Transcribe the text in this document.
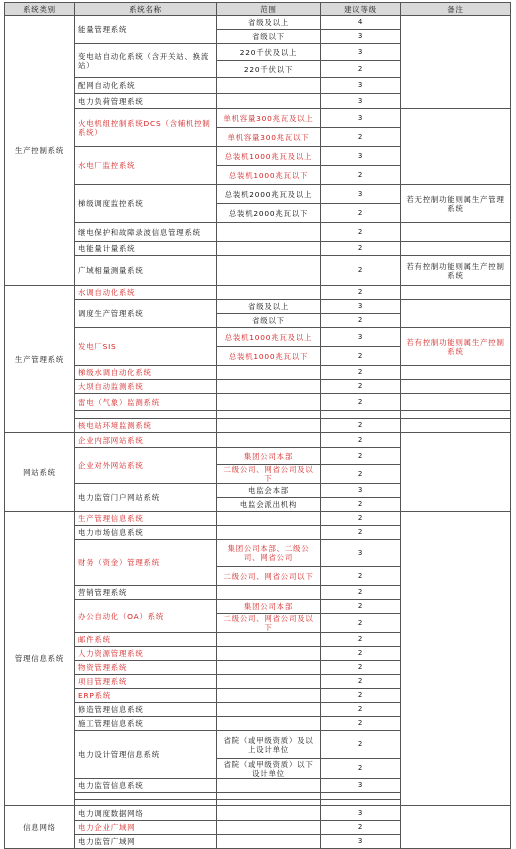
系统类别	系统名称	范围	建议等级	备注
生产控制系统	能量管理系统	省级及以上	4	
		省级以下	3	
	变电站自动化系统（含开关站、换流站）	220千伏及以上	3	
		220千伏以下	2	
	配网自动化系统		3	
	电力负荷管理系统		3	
	火电机组控制系统DCS（含辅机控制系统）	单机容量300兆瓦及以上	3	
		单机容量300兆瓦以下	2	
	水电厂监控系统	总装机1000兆瓦及以上	3	
		总装机1000兆瓦以下	2	
	梯级调度监控系统	总装机2000兆瓦及以上	3	若无控制功能则属生产管理系统
		总装机2000兆瓦以下	2	
	继电保护和故障录波信息管理系统		2	
	电能量计量系统		2	
	广域相量测量系统		2	若有控制功能则属生产控制系统
生产管理系统	水调自动化系统		2	
	调度生产管理系统	省级及以上	3	
		省级以下	2	
	发电厂SIS	总装机1000兆瓦及以上	3	若有控制功能则属生产控制系统
		总装机1000兆瓦以下	2	
	梯级水调自动化系统		2	
	大坝自动监测系统		2	
	雷电（气象）监测系统		2	

	核电站环境监测系统		2	
网站系统	企业内部网站系统		2	
	企业对外网站系统	集团公司本部	2	
		二级公司、网省公司及以下	2	
	电力监管门户网站系统	电监会本部	3	
		电监会派出机构	2	
管理信息系统	生产管理信息系统		2	
	电力市场信息系统		2	
	财务（资金）管理系统	集团公司本部、二级公司、网省公司	3	
		二级公司、网省公司以下	2	
	营销管理系统		2	
	办公自动化（OA）系统	集团公司本部	2	
		二级公司、网省公司及以下	2	
	邮件系统		2	
	人力资源管理系统		2	
	物资管理系统		2	
	项目管理系统		2	
	ERP系统		2	
	修造管理信息系统		2	
	施工管理信息系统		2	
	电力设计管理信息系统	省院（或甲级资质）及以上设计单位	2	
		省院（或甲级资质）以下设计单位	2	
	电力监管信息系统		3	

信息网络	电力调度数据网络		3	
	电力企业广域网		2	
	电力监管广域网		3	
